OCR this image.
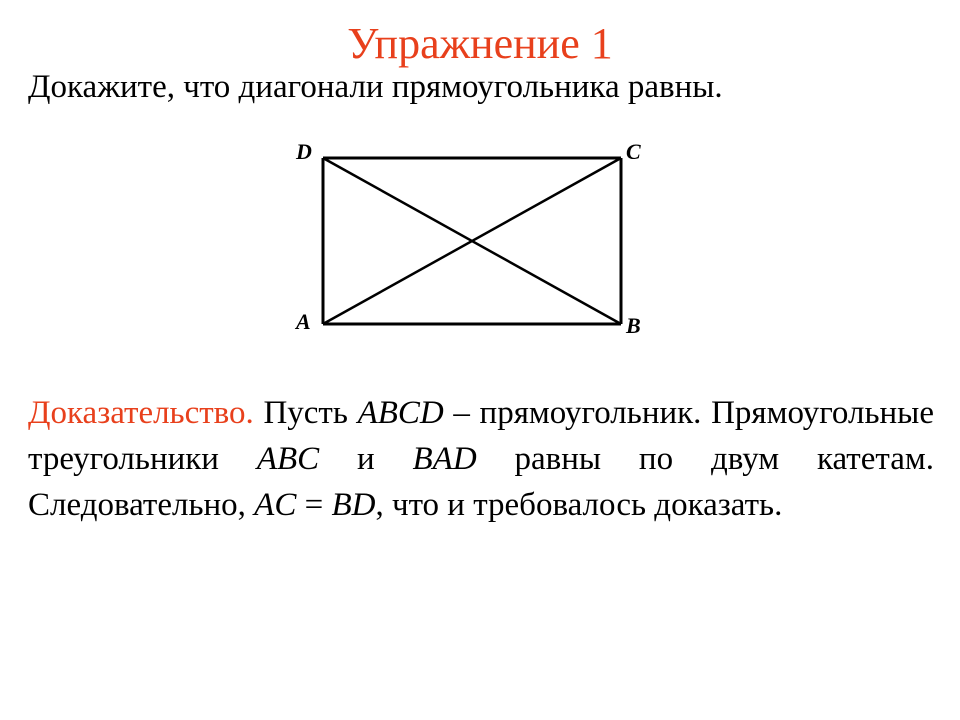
Упражнение 1
Докажите, что диагонали прямоугольника равны.
D	C
A	B
Доказательство. Пусть ABCD – прямоугольник. Прямоугольные треугольники ABC и BAD равны по двум катетам. Следовательно, AC = BD, что и требовалось доказать.
